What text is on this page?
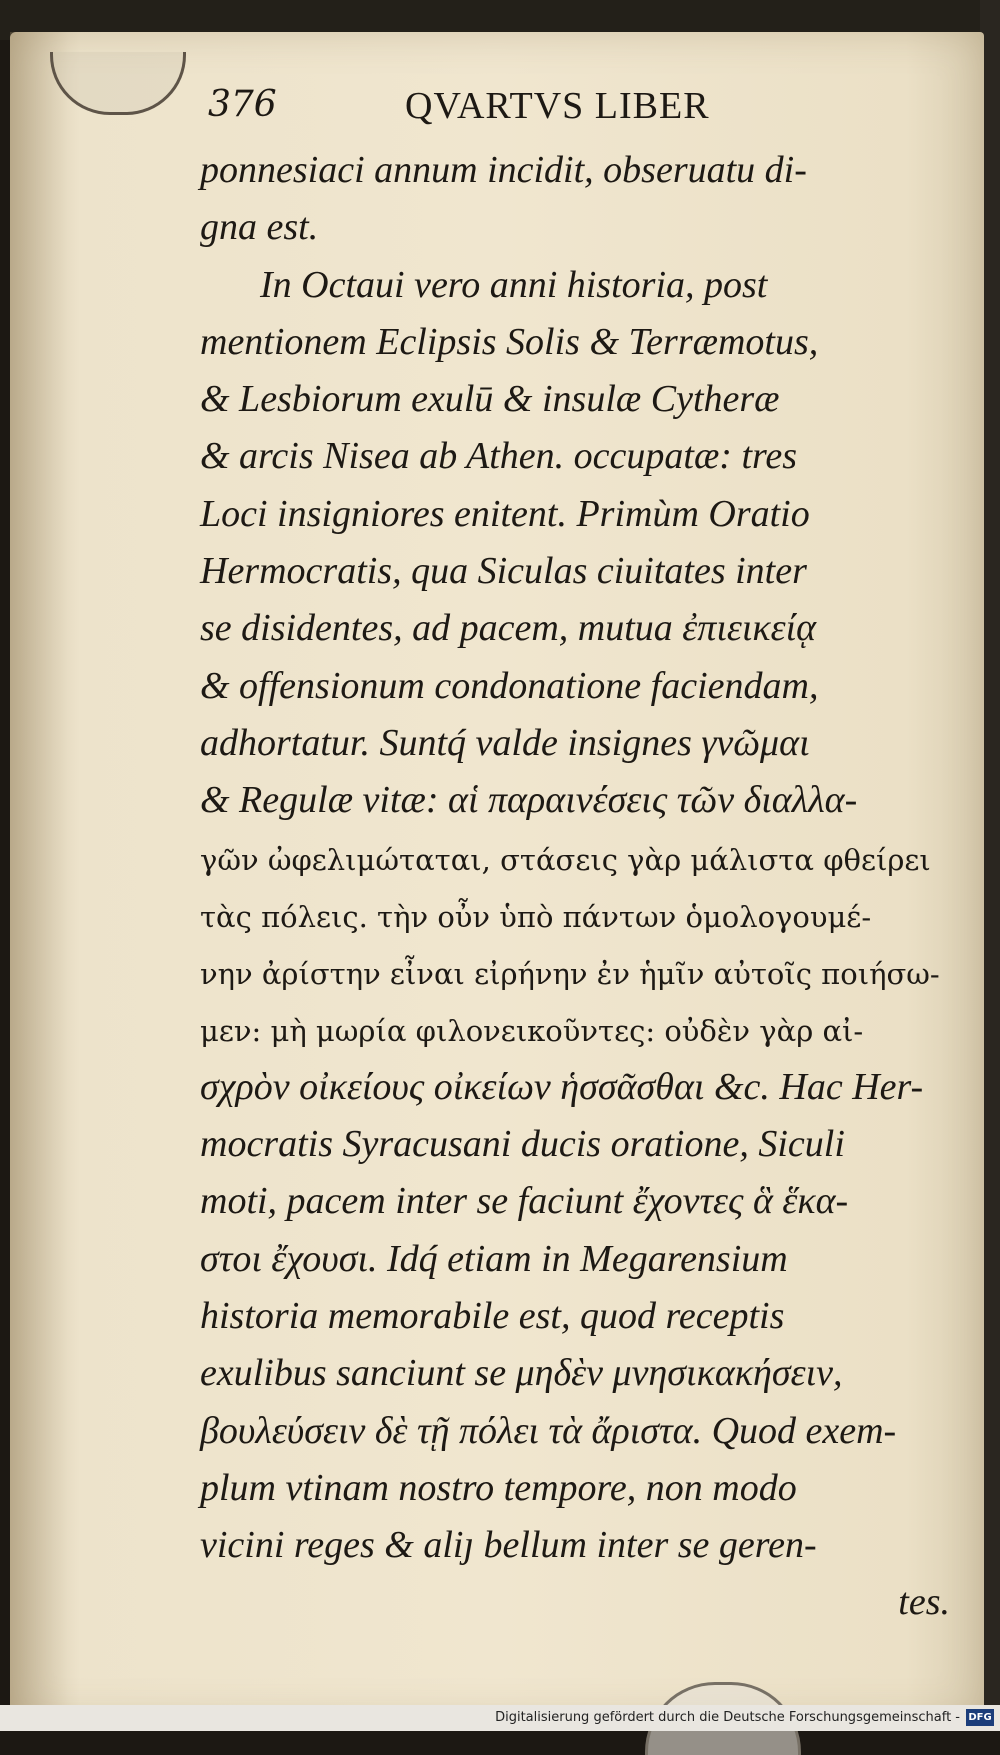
376	QVARTVS LIBER
ponnesiaci annum incidit, obseruatu di-
gna est.
In Octaui vero anni historia, post
mentionem Eclipsis Solis & Terræmotus,
& Lesbiorum exulū & insulæ Cytheræ
& arcis Nisea ab Athen. occupatæ: tres
Loci insigniores enitent. Primùm Oratio
Hermocratis, qua Siculas ciuitates inter
se disidentes, ad pacem, mutua ἐπιεικείᾳ
& offensionum condonatione faciendam,
adhortatur. Suntq́ valde insignes γνῶμαι
& Regulæ vitæ: αἱ παραινέσεις τῶν διαλλα-
γῶν ὠφελιμώταται, στάσεις γὰρ μάλιστα φθείρει
τὰς πόλεις. τὴν οὖν ὑπὸ πάντων ὁμολογουμέ-
νην ἀρίστην εἶναι εἰρήνην ἐν ἡμῖν αὐτοῖς ποιήσω-
μεν: μὴ μωρία φιλονεικοῦντες: οὐδὲν γὰρ αἰ-
σχρὸν οἰκείους οἰκείων ἡσσᾶσθαι &c. Hac Her-
mocratis Syracusani ducis oratione, Siculi
moti, pacem inter se faciunt ἔχοντες ἃ ἕκα-
στοι ἔχουσι. Idq́ etiam in Megarensium
historia memorabile est, quod receptis
exulibus sanciunt se μηδὲν μνησικακήσειν,
βουλεύσειν δὲ τῇ πόλει τὰ ἄριστα. Quod exem-
plum vtinam nostro tempore, non modo
vicini reges & aliȷ bellum inter se geren-
tes.
Digitalisierung gefördert durch die Deutsche Forschungsgemeinschaft - DFG
